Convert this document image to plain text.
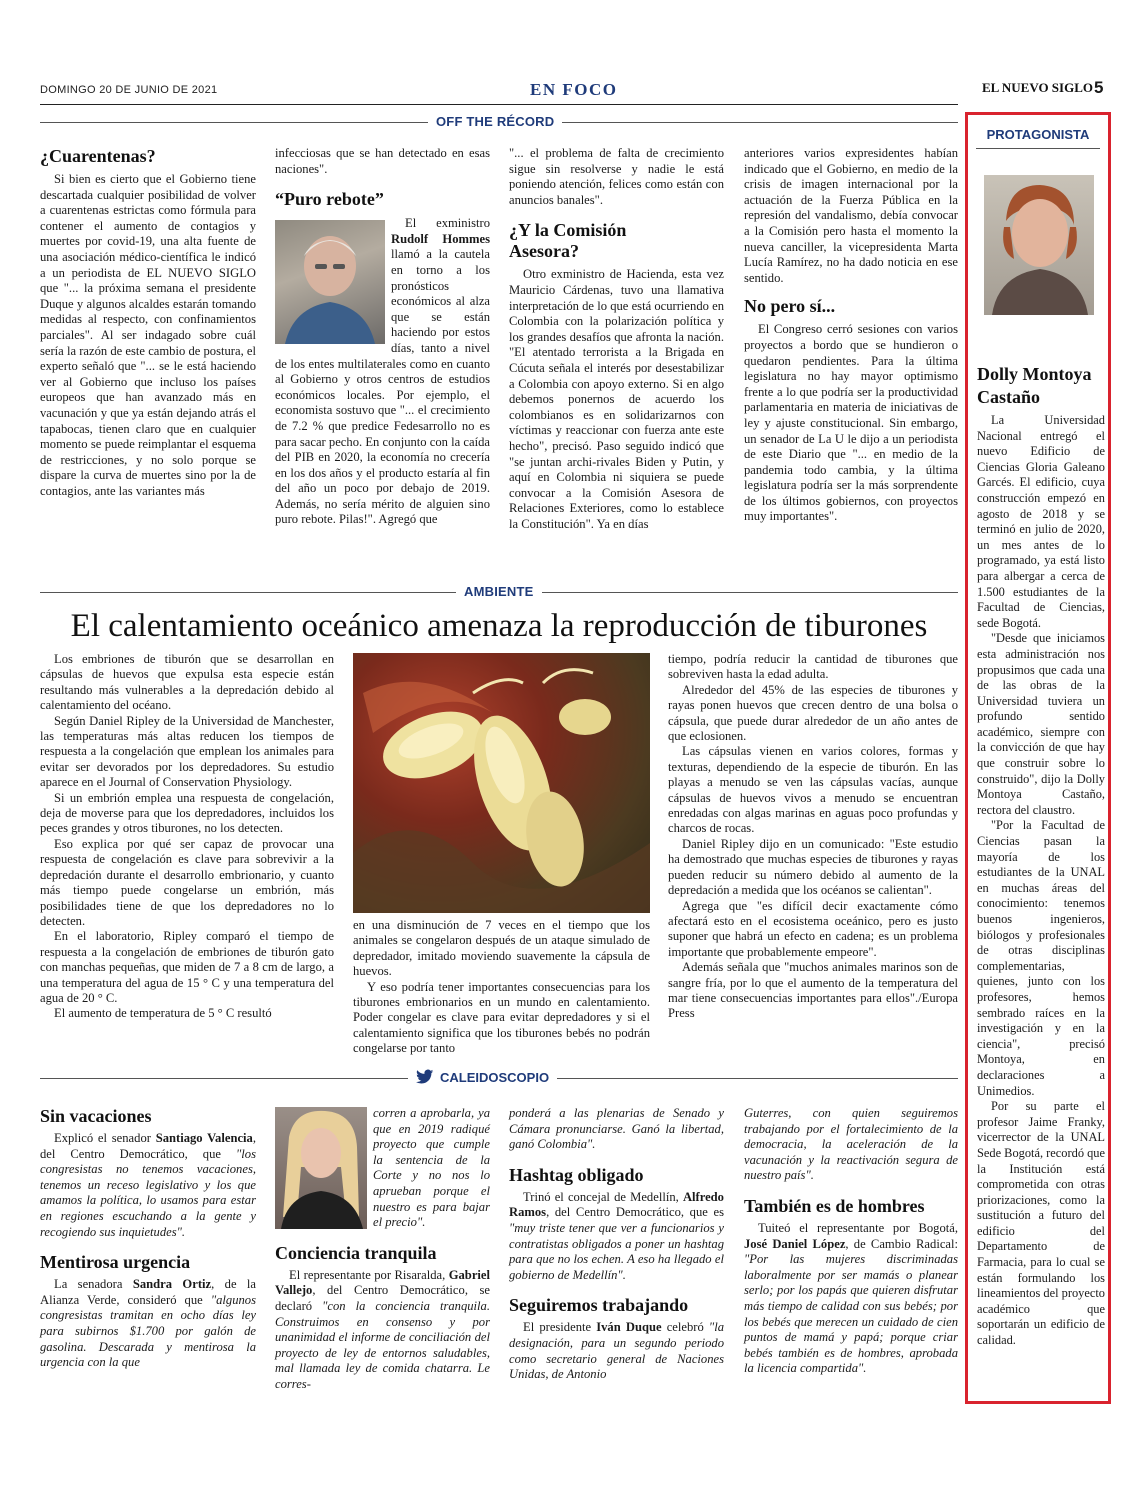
DOMINGO 20 DE JUNIO DE 2021	EN FOCO	EL NUEVO SIGLO 5
OFF THE RÉCORD
¿Cuarentenas?

Si bien es cierto que el Gobierno tiene descartada cualquier posibilidad de volver a cuarentenas estrictas como fórmula para contener el aumento de contagios y muertes por covid-19, una alta fuente de una asociación médico-científica le indicó a un periodista de EL NUEVO SIGLO que "... la próxima semana el presidente Duque y algunos alcaldes estarán tomando medidas al respecto, con confinamientos parciales". Al ser indagado sobre cuál sería la razón de este cambio de postura, el experto señaló que "... se le está haciendo ver al Gobierno que incluso los países europeos que han avanzado más en vacunación y que ya están dejando atrás el tapabocas, tienen claro que en cualquier momento se puede reimplantar el esquema de restricciones, y no solo porque se dispare la curva de muertes sino por la de contagios, ante las variantes más

infecciosas que se han detectado en esas naciones".

“Puro rebote”

El exministro Rudolf Hommes llamó a la cautela en torno a los pronósticos económicos al alza que se están haciendo por estos días, tanto a nivel de los entes multilaterales como en cuanto al Gobierno y otros centros de estudios económicos locales. Por ejemplo, el economista sostuvo que "... el crecimiento de 7.2 % que predice Fedesarrollo no es para sacar pecho. En conjunto con la caída del PIB en 2020, la economía no crecería en los dos años y el producto estaría al fin del año un poco por debajo de 2019. Además, no sería mérito de alguien sino puro rebote. Pilas!". Agregó que

"... el problema de falta de crecimiento sigue sin resolverse y nadie le está poniendo atención, felices como están con anuncios banales".

¿Y la Comisión Asesora?

Otro exministro de Hacienda, esta vez Mauricio Cárdenas, tuvo una llamativa interpretación de lo que está ocurriendo en Colombia con la polarización política y los grandes desafíos que afronta la nación. "El atentado terrorista a la Brigada en Cúcuta señala el interés por desestabilizar a Colombia con apoyo externo. Si en algo debemos ponernos de acuerdo los colombianos es en solidarizarnos con víctimas y reaccionar con fuerza ante este hecho", precisó. Paso seguido indicó que "se juntan archi-rivales Biden y Putin, y aquí en Colombia ni siquiera se puede convocar a la Comisión Asesora de Relaciones Exteriores, como lo establece la Constitución". Ya en días

anteriores varios expresidentes habían indicado que el Gobierno, en medio de la crisis de imagen internacional por la actuación de la Fuerza Pública en la represión del vandalismo, debía convocar a la Comisión pero hasta el momento la nueva canciller, la vicepresidenta Marta Lucía Ramírez, no ha dado noticia en ese sentido.

No pero sí...

El Congreso cerró sesiones con varios proyectos a bordo que se hundieron o quedaron pendientes. Para la última legislatura no hay mayor optimismo frente a lo que podría ser la productividad parlamentaria en materia de iniciativas de ley y ajuste constitucional. Sin embargo, un senador de La U le dijo a un periodista de este Diario que "... en medio de la pandemia todo cambia, y la última legislatura podría ser la más sorprendente de los últimos gobiernos, con proyectos muy importantes".

AMBIENTE
El calentamiento oceánico amenaza la reproducción de tiburones

Los embriones de tiburón que se desarrollan en cápsulas de huevos que expulsa esta especie están resultando más vulnerables a la depredación debido al calentamiento del océano.

Según Daniel Ripley de la Universidad de Manchester, las temperaturas más altas reducen los tiempos de respuesta a la congelación que emplean los animales para evitar ser devorados por los depredadores. Su estudio aparece en el Journal of Conservation Physiology.

Si un embrión emplea una respuesta de congelación, deja de moverse para que los depredadores, incluidos los peces grandes y otros tiburones, no los detecten.

Eso explica por qué ser capaz de provocar una respuesta de congelación es clave para sobrevivir a la depredación durante el desarrollo embrionario, y cuanto más tiempo puede congelarse un embrión, más posibilidades tiene de que los depredadores no lo detecten.

En el laboratorio, Ripley comparó el tiempo de respuesta a la congelación de embriones de tiburón gato con manchas pequeñas, que miden de 7 a 8 cm de largo, a una temperatura del agua de 15 ° C y una temperatura del agua de 20 ° C.

El aumento de temperatura de 5 ° C resultó

en una disminución de 7 veces en el tiempo que los animales se congelaron después de un ataque simulado de depredador, imitado moviendo suavemente la cápsula de huevos.

Y eso podría tener importantes consecuencias para los tiburones embrionarios en un mundo en calentamiento. Poder congelar es clave para evitar depredadores y si el calentamiento significa que los tiburones bebés no podrán congelarse por tanto

tiempo, podría reducir la cantidad de tiburones que sobreviven hasta la edad adulta.

Alrededor del 45% de las especies de tiburones y rayas ponen huevos que crecen dentro de una bolsa o cápsula, que puede durar alrededor de un año antes de que eclosionen.

Las cápsulas vienen en varios colores, formas y texturas, dependiendo de la especie de tiburón. En las playas a menudo se ven las cápsulas vacías, aunque cápsulas de huevos vivos a menudo se encuentran enredadas con algas marinas en aguas poco profundas y charcos de rocas.

Daniel Ripley dijo en un comunicado: "Este estudio ha demostrado que muchas especies de tiburones y rayas pueden reducir su número debido al aumento de la depredación a medida que los océanos se calientan".

Agrega que "es difícil decir exactamente cómo afectará esto en el ecosistema oceánico, pero es justo suponer que habrá un efecto en cadena; es un problema importante que probablemente empeore".

Además señala que "muchos animales marinos son de sangre fría, por lo que el aumento de la temperatura del mar tiene consecuencias importantes para ellos"./Europa Press

CALEIDOSCOPIO
Sin vacaciones

Explicó el senador Santiago Valencia, del Centro Democrático, que "los congresistas no tenemos vacaciones, tenemos un receso legislativo y los que amamos la política, lo usamos para estar en regiones escuchando a la gente y recogiendo sus inquietudes".

Mentirosa urgencia

La senadora Sandra Ortiz, de la Alianza Verde, consideró que "algunos congresistas tramitan en ocho días ley para subirnos $1.700 por galón de gasolina. Descarada y mentirosa la urgencia con la que

corren a aprobarla, ya que en 2019 radiqué proyecto que cumple la sentencia de la Corte y no nos lo aprueban porque el nuestro es para bajar el precio".

Conciencia tranquila

El representante por Risaralda, Gabriel Vallejo, del Centro Democrático, se declaró "con la conciencia tranquila. Construimos en consenso y por unanimidad el informe de conciliación del proyecto de ley de entornos saludables, mal llamada ley de comida chatarra. Le corres-

ponderá a las plenarias de Senado y Cámara pronunciarse. Ganó la libertad, ganó Colombia".

Hashtag obligado

Trinó el concejal de Medellín, Alfredo Ramos, del Centro Democrático, que es "muy triste tener que ver a funcionarios y contratistas obligados a poner un hashtag para que no los echen. A eso ha llegado el gobierno de Medellín".

Seguiremos trabajando

El presidente Iván Duque celebró "la designación, para un segundo periodo como secretario general de Naciones Unidas, de Antonio

Guterres, con quien seguiremos trabajando por el fortalecimiento de la democracia, la aceleración de la vacunación y la reactivación segura de nuestro país".

También es de hombres

Tuiteó el representante por Bogotá, José Daniel López, de Cambio Radical: "Por las mujeres discriminadas laboralmente por ser mamás o planear serlo; por los papás que quieren disfrutar más tiempo de calidad con sus bebés; por los bebés que merecen un cuidado de cien puntos de mamá y papá; porque criar bebés también es de hombres, aprobada la licencia compartida".

PROTAGONISTA
Dolly Montoya Castaño

La Universidad Nacional entregó el nuevo Edificio de Ciencias Gloria Galeano Garcés. El edificio, cuya construcción empezó en agosto de 2018 y se terminó en julio de 2020, un mes antes de lo programado, ya está listo para albergar a cerca de 1.500 estudiantes de la Facultad de Ciencias, sede Bogotá.

"Desde que iniciamos esta administración nos propusimos que cada una de las obras de la Universidad tuviera un profundo sentido académico, siempre con la convicción de que hay que construir sobre lo construido", dijo la Dolly Montoya Castaño, rectora del claustro.

"Por la Facultad de Ciencias pasan la mayoría de los estudiantes de la UNAL en muchas áreas del conocimiento: tenemos buenos ingenieros, biólogos y profesionales de otras disciplinas complementarias, quienes, junto con los profesores, hemos sembrado raíces en la investigación y en la ciencia", precisó Montoya, en declaraciones a Unimedios.

Por su parte el profesor Jaime Franky, vicerrector de la UNAL Sede Bogotá, recordó que la Institución está comprometida con otras priorizaciones, como la sustitución a futuro del edificio del Departamento de Farmacia, para lo cual se están formulando los lineamientos del proyecto académico que soportarán un edificio de calidad.
